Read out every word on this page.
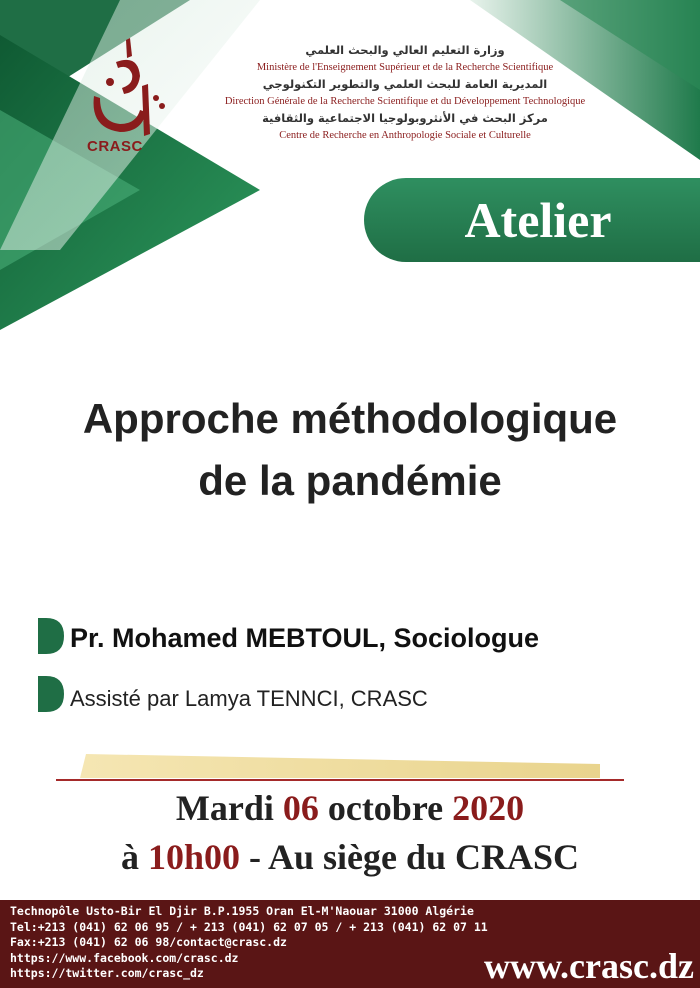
CRASC
وزارة التعليم العالي والبحث العلمي
Ministère de l'Enseignement Supérieur et de la Recherche Scientifique
المديرية العامة للبحث العلمي والتطوير التكنولوجي
Direction Générale de la Recherche Scientifique et du Développement Technologique
مركز البحث في الأنثروبولوجيا الاجتماعية والثقافية
Centre de Recherche en Anthropologie Sociale et Culturelle
Atelier
Approche méthodologique
de la pandémie
Pr. Mohamed MEBTOUL, Sociologue
Assisté par Lamya TENNCI, CRASC
Mardi 06 octobre 2020
à 10h00 - Au siège du CRASC
Technopôle Usto-Bir El Djir B.P.1955 Oran El-M'Naouar 31000 Algérie
Tel:+213 (041) 62 06 95 / + 213 (041) 62 07 05 / + 213 (041) 62 07 11
Fax:+213 (041) 62 06 98/contact@crasc.dz
https://www.facebook.com/crasc.dz
https://twitter.com/crasc_dz	www.crasc.dz
